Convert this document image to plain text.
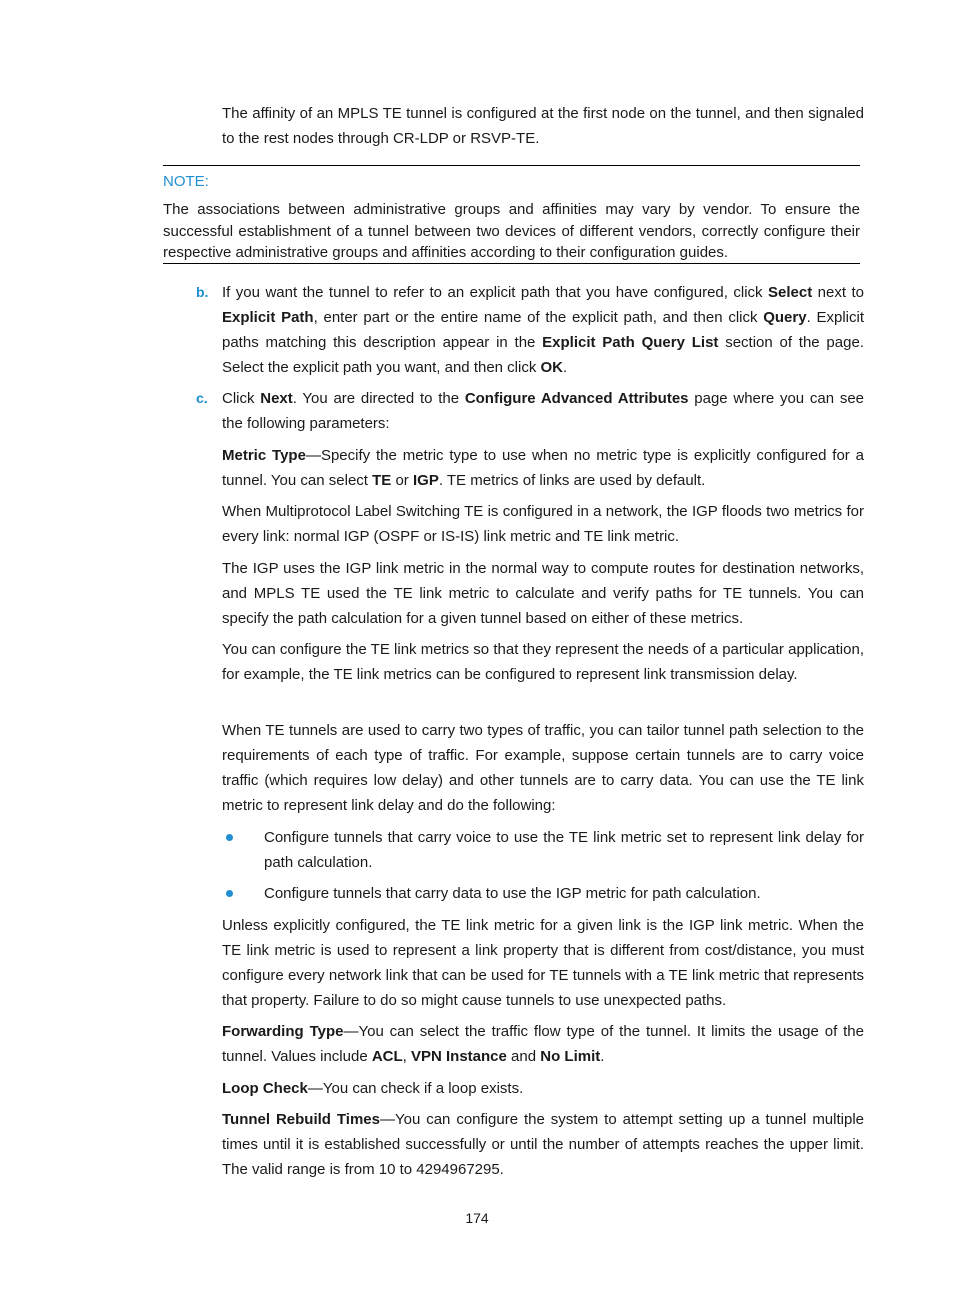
The affinity of an MPLS TE tunnel is configured at the first node on the tunnel, and then signaled to the rest nodes through CR-LDP or RSVP-TE.

NOTE:
The associations between administrative groups and affinities may vary by vendor. To ensure the successful establishment of a tunnel between two devices of different vendors, correctly configure their respective administrative groups and affinities according to their configuration guides.
b. If you want the tunnel to refer to an explicit path that you have configured, click Select next to Explicit Path, enter part or the entire name of the explicit path, and then click Query. Explicit paths matching this description appear in the Explicit Path Query List section of the page. Select the explicit path you want, and then click OK.

c. Click Next. You are directed to the Configure Advanced Attributes page where you can see the following parameters:

Metric Type—Specify the metric type to use when no metric type is explicitly configured for a tunnel. You can select TE or IGP. TE metrics of links are used by default.

When Multiprotocol Label Switching TE is configured in a network, the IGP floods two metrics for every link: normal IGP (OSPF or IS-IS) link metric and TE link metric.

The IGP uses the IGP link metric in the normal way to compute routes for destination networks, and MPLS TE used the TE link metric to calculate and verify paths for TE tunnels. You can specify the path calculation for a given tunnel based on either of these metrics.

You can configure the TE link metrics so that they represent the needs of a particular application, for example, the TE link metrics can be configured to represent link transmission delay.

When TE tunnels are used to carry two types of traffic, you can tailor tunnel path selection to the requirements of each type of traffic. For example, suppose certain tunnels are to carry voice traffic (which requires low delay) and other tunnels are to carry data. You can use the TE link metric to represent link delay and do the following:

Configure tunnels that carry voice to use the TE link metric set to represent link delay for path calculation.

Configure tunnels that carry data to use the IGP metric for path calculation.

Unless explicitly configured, the TE link metric for a given link is the IGP link metric. When the TE link metric is used to represent a link property that is different from cost/distance, you must configure every network link that can be used for TE tunnels with a TE link metric that represents that property. Failure to do so might cause tunnels to use unexpected paths.

Forwarding Type—You can select the traffic flow type of the tunnel. It limits the usage of the tunnel. Values include ACL, VPN Instance and No Limit.

Loop Check—You can check if a loop exists.

Tunnel Rebuild Times—You can configure the system to attempt setting up a tunnel multiple times until it is established successfully or until the number of attempts reaches the upper limit. The valid range is from 10 to 4294967295.

174
